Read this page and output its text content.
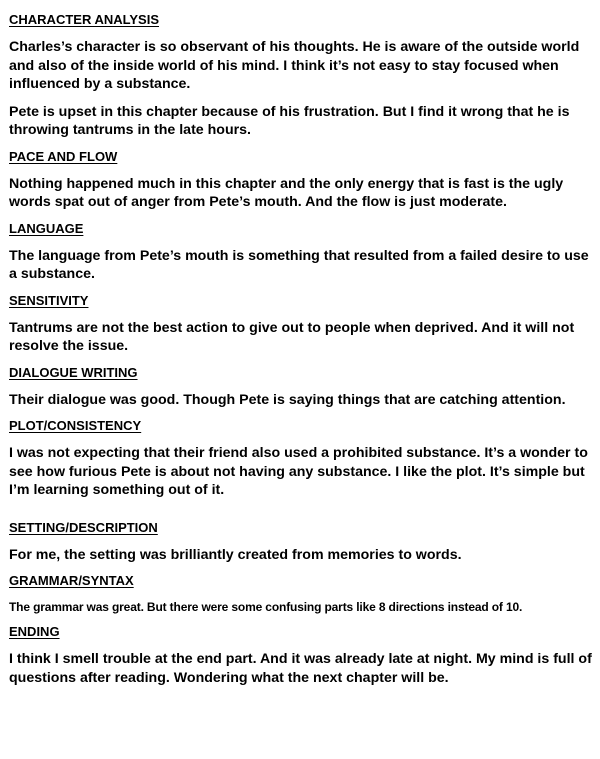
CHARACTER ANALYSIS

Charles’s character is so observant of his thoughts. He is aware of the outside world and also of the inside world of his mind. I think it’s not easy to stay focused when influenced by a substance.

Pete is upset in this chapter because of his frustration. But I find it wrong that he is throwing tantrums in the late hours.

PACE AND FLOW

Nothing happened much in this chapter and the only energy that is fast is the ugly words spat out of anger from Pete’s mouth. And the flow is just moderate.

LANGUAGE

The language from Pete’s mouth is something that resulted from a failed desire to use a substance.

SENSITIVITY

Tantrums are not the best action to give out to people when deprived. And it will not resolve the issue.

DIALOGUE WRITING

Their dialogue was good. Though Pete is saying things that are catching attention.

PLOT/CONSISTENCY

I was not expecting that their friend also used a prohibited substance. It’s a wonder to see how furious Pete is about not having any substance. I like the plot. It’s simple but I’m learning something out of it.

SETTING/DESCRIPTION

For me, the setting was brilliantly created from memories to words.

GRAMMAR/SYNTAX

The grammar was great. But there were some confusing parts like 8 directions instead of 10.

ENDING

I think I smell trouble at the end part. And it was already late at night. My mind is full of questions after reading. Wondering what the next chapter will be.
